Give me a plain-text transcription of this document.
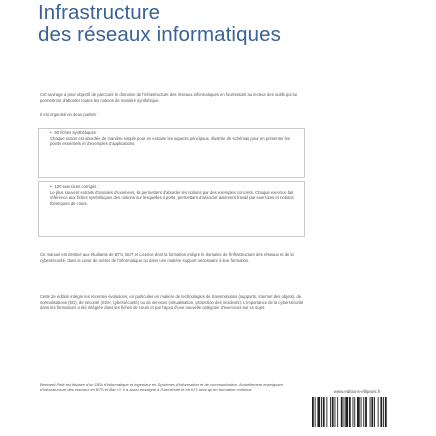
Infrastructure
des réseaux informatiques

Cet ouvrage a pour objectif de parcourir le domaine de l'infrastructure des réseaux informatiques en fournissant au lecteur des outils qui lui permettront d'aborder toutes les notions de manière synthétique.

Il est organisé en deux parties :

• 50 fiches synthétiques :

Chaque notion est abordée de manière simple pour en extraire les aspects principaux, illustrée de schémas pour en présenter les points essentiels et d'exemples d'applications.

• 100 exercices corrigés :

Le plus souvent extraits d'annales d'examens, ils permettent d'aborder les notions par des exemples concrets. Chaque exercice fait référence aux fiches synthétiques des notions sur lesquelles il porte, permettant d'associer aisément travail par exercices et notions théoriques de cours.

Ce manuel est destiné aux étudiants de BTS, BUT et Licence dont la formation intègre le domaine de l'infrastructure des réseaux et de la cybersécurité, dans le cœur de métier de l'informatique ou dans une matière support nécessaire à leur formation.

Cette 2e édition intègre les récentes évolutions, en particulier en matière de technologies de transmissions (supports, Internet des objets), de normalisations (5G), de sécurité (SSH, cybersécurité) ou de services (virtualisation, protection des incidents). L'importance de la cybersécurité dans les formations a été intégrée dans les fiches de cours et par l'ajout d'une nouvelle catégorie d'exercices sur ce sujet.

Bertrand Petit est titulaire d'un DEA d'informatique et ingénieur en Systèmes d'information et de communication. Actuellement enseignant d'infrastructure des réseaux en BTS et Bac+3. Il a aussi enseigné à l'Université et en IUT ainsi qu'en formation continue.	www.editions-ellipses.fr
